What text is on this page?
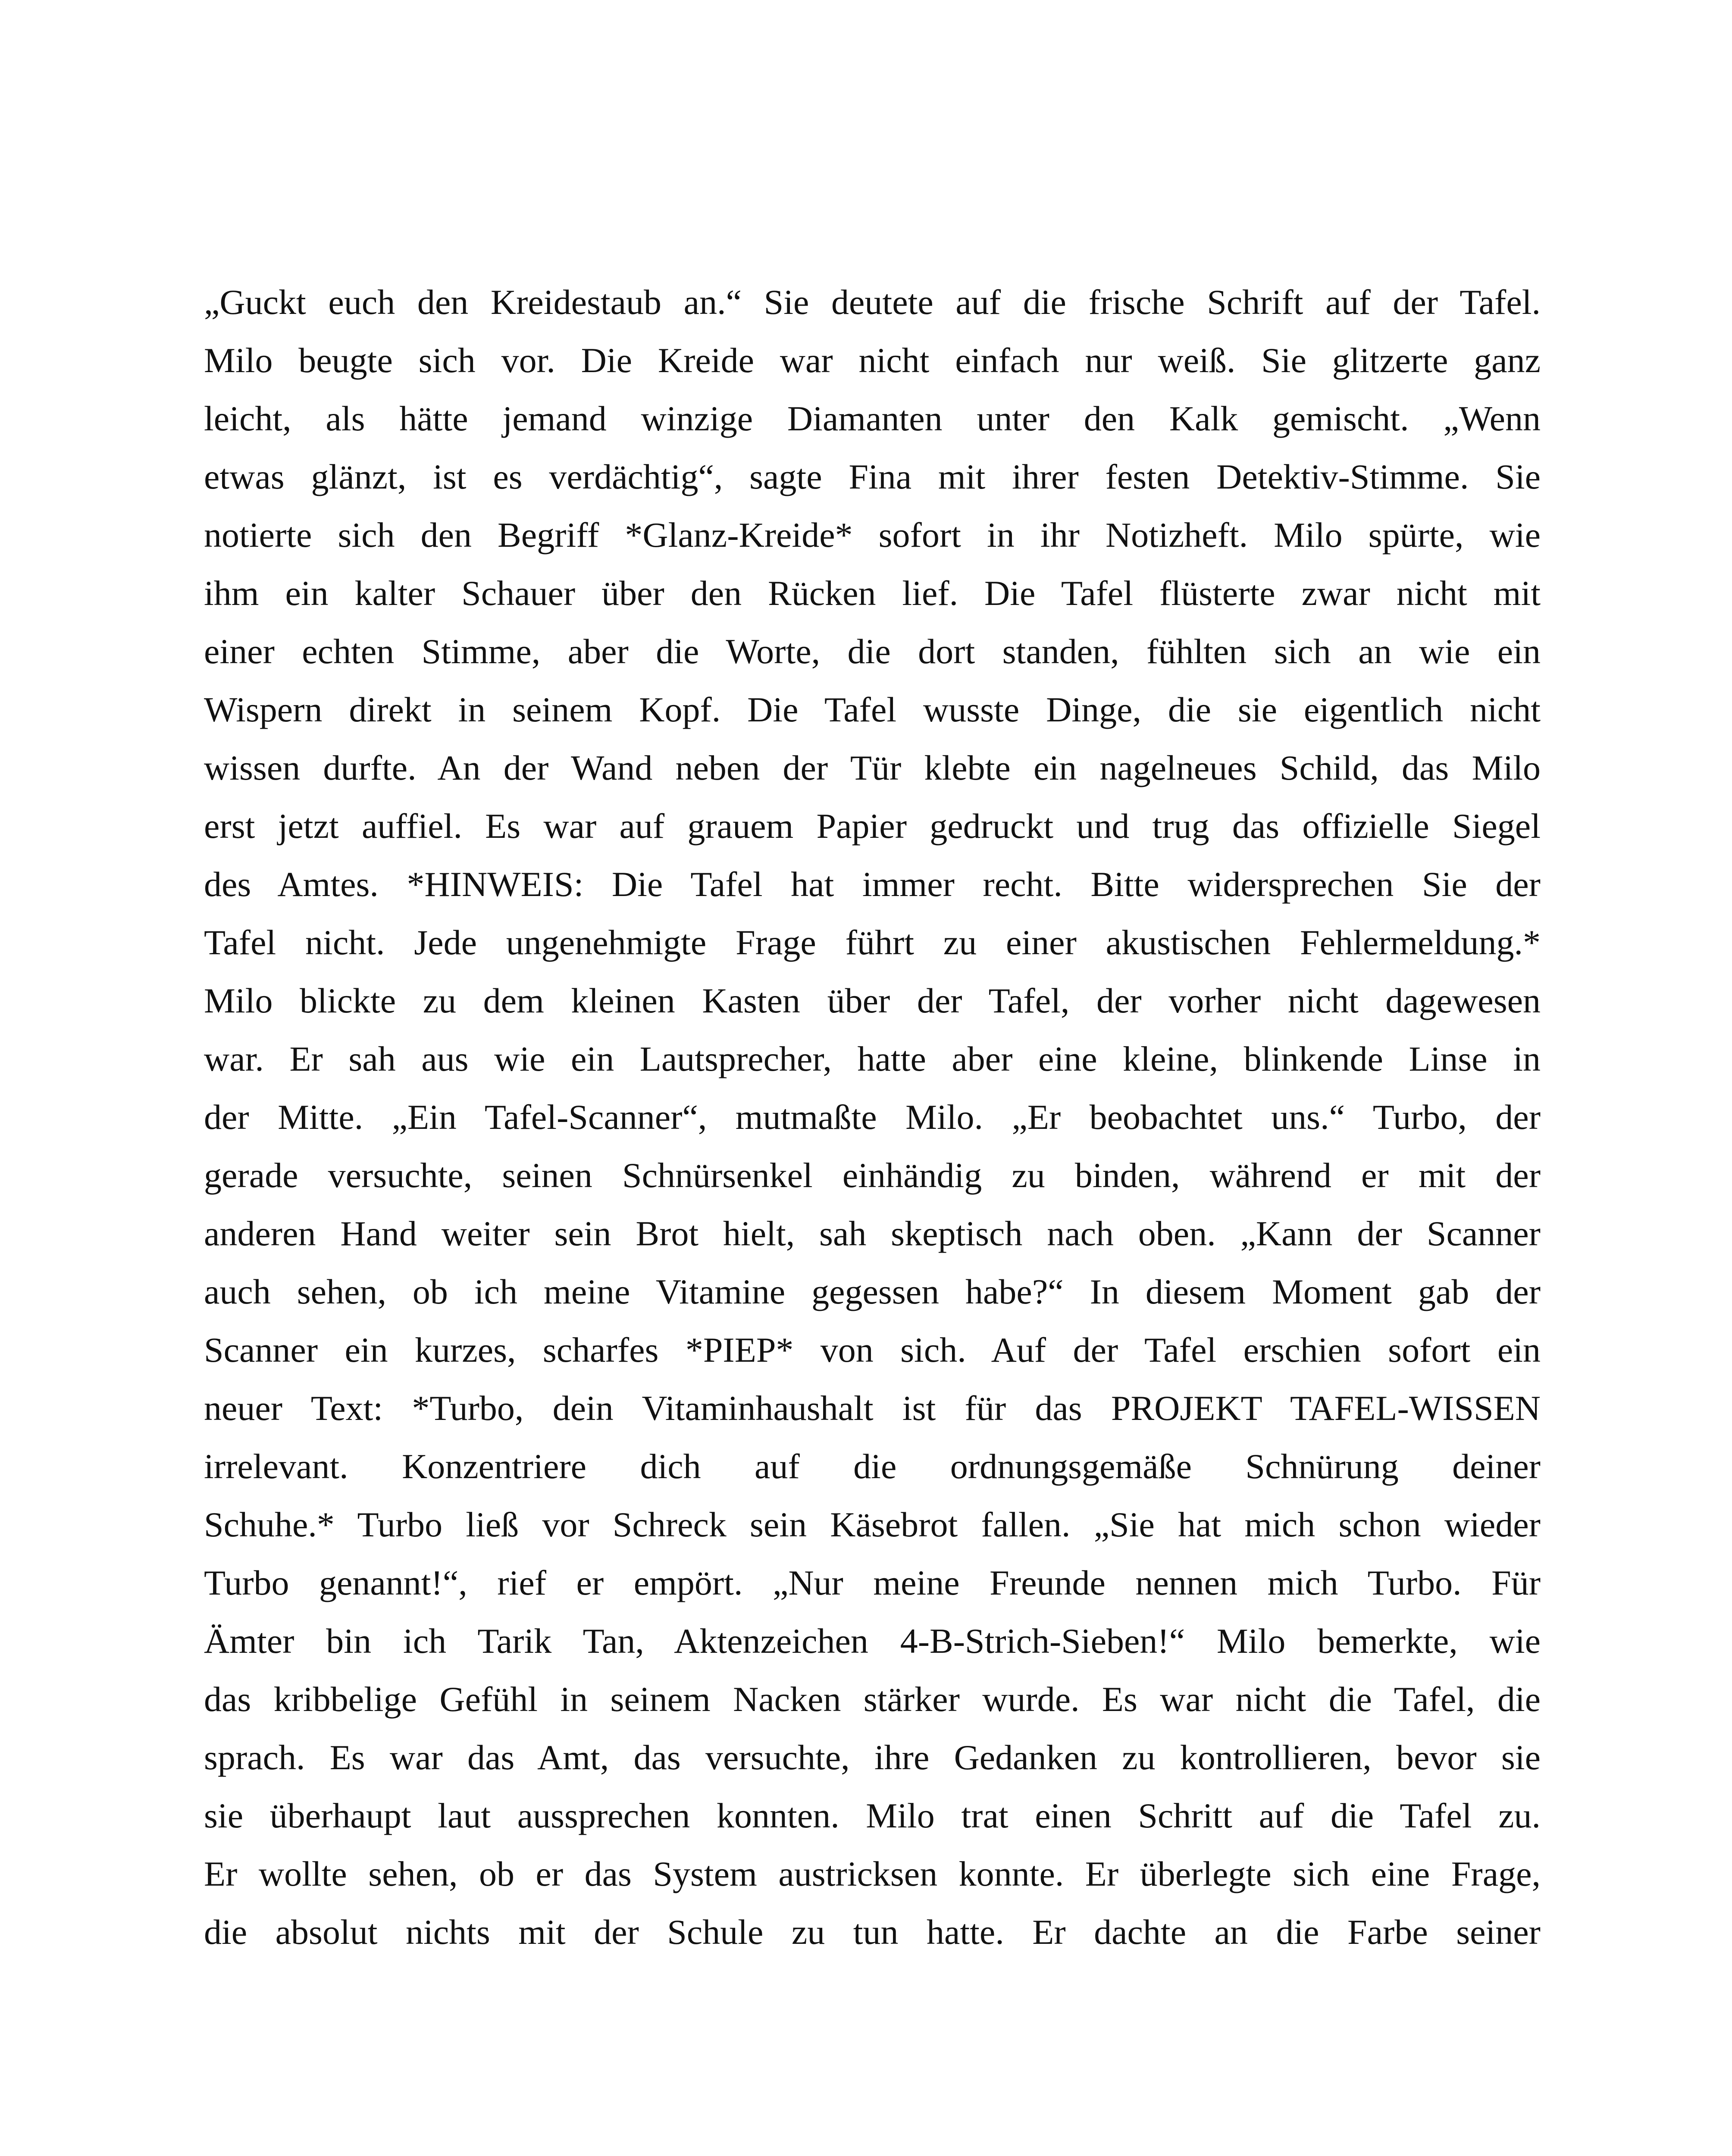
„Guckt euch den Kreidestaub an.“ Sie deutete auf die frische Schrift auf der Tafel.
Milo beugte sich vor. Die Kreide war nicht einfach nur weiß. Sie glitzerte ganz
leicht, als hätte jemand winzige Diamanten unter den Kalk gemischt. „Wenn
etwas glänzt, ist es verdächtig“, sagte Fina mit ihrer festen Detektiv-Stimme. Sie
notierte sich den Begriff *Glanz-Kreide* sofort in ihr Notizheft. Milo spürte, wie
ihm ein kalter Schauer über den Rücken lief. Die Tafel flüsterte zwar nicht mit
einer echten Stimme, aber die Worte, die dort standen, fühlten sich an wie ein
Wispern direkt in seinem Kopf. Die Tafel wusste Dinge, die sie eigentlich nicht
wissen durfte. An der Wand neben der Tür klebte ein nagelneues Schild, das Milo
erst jetzt auffiel. Es war auf grauem Papier gedruckt und trug das offizielle Siegel
des Amtes. *HINWEIS: Die Tafel hat immer recht. Bitte widersprechen Sie der
Tafel nicht. Jede ungenehmigte Frage führt zu einer akustischen Fehlermeldung.*
Milo blickte zu dem kleinen Kasten über der Tafel, der vorher nicht dagewesen
war. Er sah aus wie ein Lautsprecher, hatte aber eine kleine, blinkende Linse in
der Mitte. „Ein Tafel-Scanner“, mutmaßte Milo. „Er beobachtet uns.“ Turbo, der
gerade versuchte, seinen Schnürsenkel einhändig zu binden, während er mit der
anderen Hand weiter sein Brot hielt, sah skeptisch nach oben. „Kann der Scanner
auch sehen, ob ich meine Vitamine gegessen habe?“ In diesem Moment gab der
Scanner ein kurzes, scharfes *PIEP* von sich. Auf der Tafel erschien sofort ein
neuer Text: *Turbo, dein Vitaminhaushalt ist für das PROJEKT TAFEL-WISSEN
irrelevant. Konzentriere dich auf die ordnungsgemäße Schnürung deiner
Schuhe.* Turbo ließ vor Schreck sein Käsebrot fallen. „Sie hat mich schon wieder
Turbo genannt!“, rief er empört. „Nur meine Freunde nennen mich Turbo. Für
Ämter bin ich Tarik Tan, Aktenzeichen 4-B-Strich-Sieben!“ Milo bemerkte, wie
das kribbelige Gefühl in seinem Nacken stärker wurde. Es war nicht die Tafel, die
sprach. Es war das Amt, das versuchte, ihre Gedanken zu kontrollieren, bevor sie
sie überhaupt laut aussprechen konnten. Milo trat einen Schritt auf die Tafel zu.
Er wollte sehen, ob er das System austricksen konnte. Er überlegte sich eine Frage,
die absolut nichts mit der Schule zu tun hatte. Er dachte an die Farbe seiner
